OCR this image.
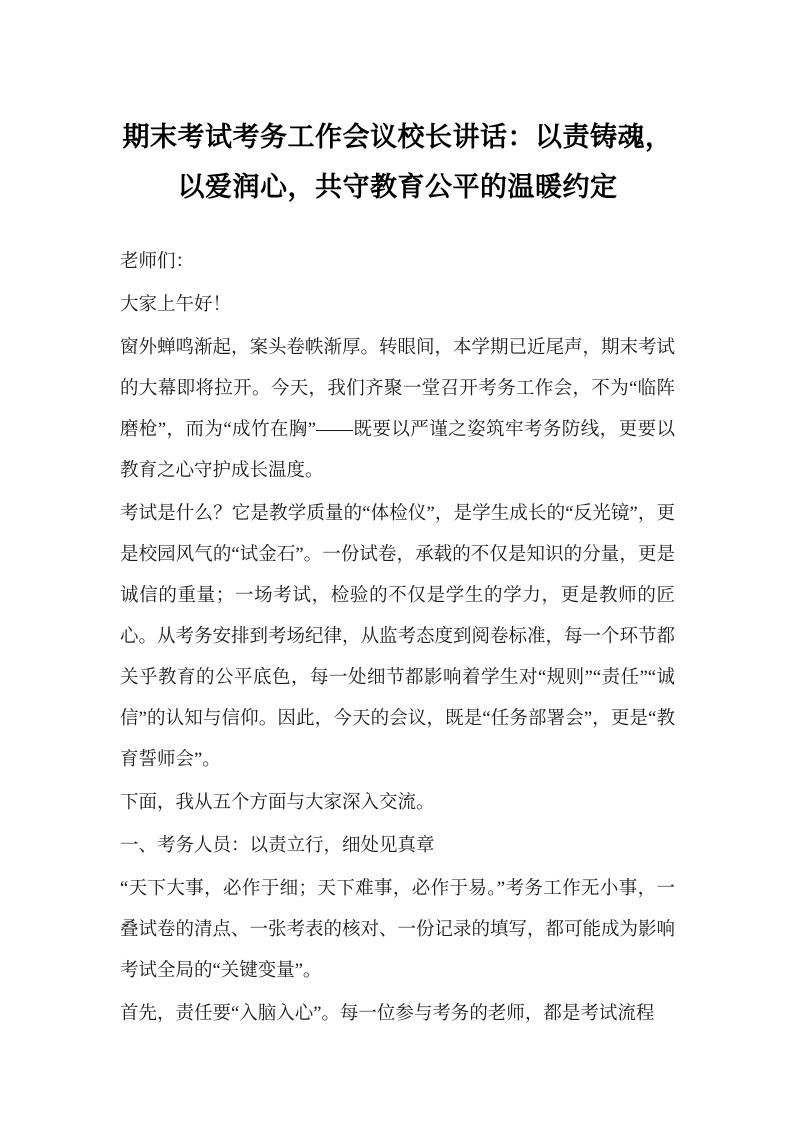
期末考试考务工作会议校长讲话：以责铸魂，
以爱润心，共守教育公平的温暖约定

老师们：

大家上午好！

窗外蝉鸣渐起，案头卷帙渐厚。转眼间，本学期已近尾声，期末考试的大幕即将拉开。今天，我们齐聚一堂召开考务工作会，不为“临阵磨枪”，而为“成竹在胸”——既要以严谨之姿筑牢考务防线，更要以教育之心守护成长温度。

考试是什么？它是教学质量的“体检仪”，是学生成长的“反光镜”，更是校园风气的“试金石”。一份试卷，承载的不仅是知识的分量，更是诚信的重量；一场考试，检验的不仅是学生的学力，更是教师的匠心。从考务安排到考场纪律，从监考态度到阅卷标准，每一个环节都关乎教育的公平底色，每一处细节都影响着学生对“规则”“责任”“诚信”的认知与信仰。因此，今天的会议，既是“任务部署会”，更是“教育誓师会”。

下面，我从五个方面与大家深入交流。

一、考务人员：以责立行，细处见真章

“天下大事，必作于细；天下难事，必作于易。”考务工作无小事，一叠试卷的清点、一张考表的核对、一份记录的填写，都可能成为影响考试全局的“关键变量”。

首先，责任要“入脑入心”。每一位参与考务的老师，都是考试流程
